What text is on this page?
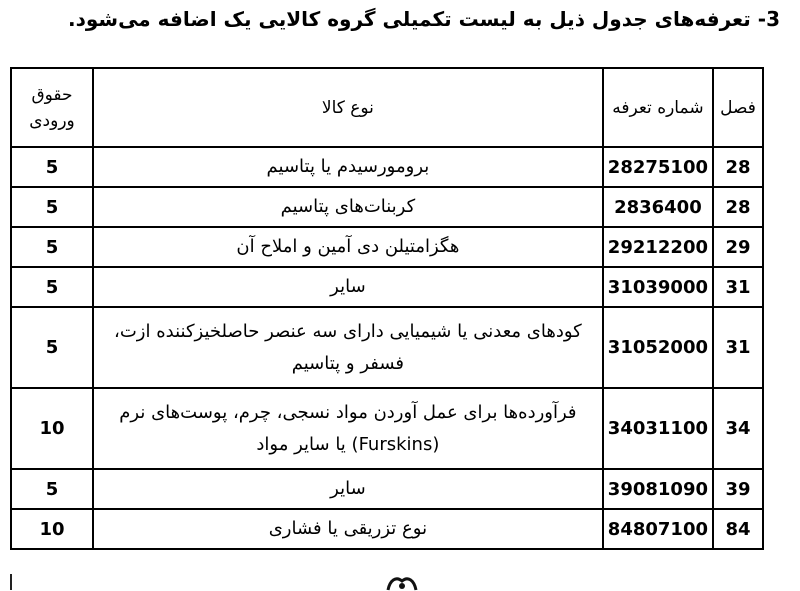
3- تعرفه‌های جدول ذیل به لیست تکمیلی گروه کالایی یک اضافه می‌شود.
فصل	شماره تعرفه	نوع کالا	حقوق ورودی
28	28275100	برومورسیدم یا پتاسیم	5
28	2836400	کربنات‌های پتاسیم	5
29	29212200	هگزامتیلن دی آمین و املاح آن	5
31	31039000	سایر	5
31	31052000	کودهای معدنی یا شیمیایی دارای سه عنصر حاصلخیزکننده ازت، فسفر و پتاسیم	5
34	34031100	فرآورده‌ها برای عمل آوردن مواد نسجی، چرم، پوست‌های نرم (Furskins) یا سایر مواد	10
39	39081090	سایر	5
84	84807100	نوع تزریقی یا فشاری	10
